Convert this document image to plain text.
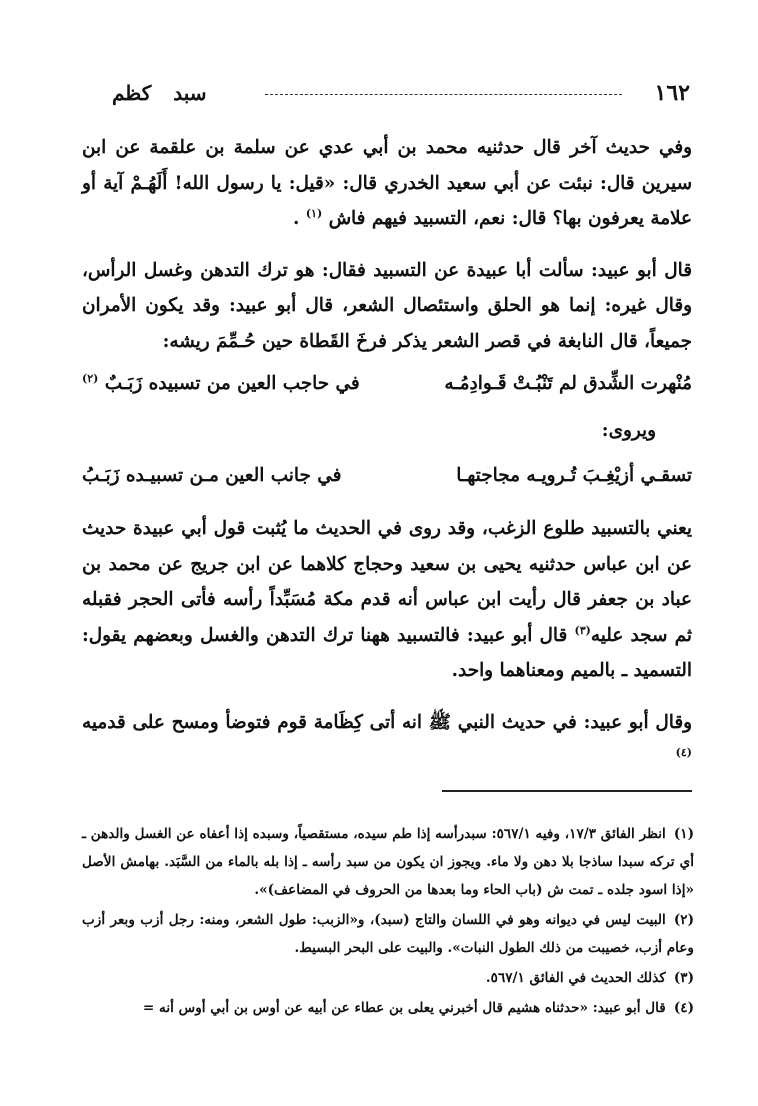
١٦٢
سبدكظم

وفي حديث آخر قال حدثنيه محمد بن أبي عدي عن سلمة بن علقمة عن ابن سيرين قال: نبئت عن أبي سعيد الخدري قال: «قيل: يا رسول الله! أَلَهُـمْ آية أو علامة يعرفون بها؟ قال: نعم، التسبيد فيهم فاش $^{(١)}$ .

قال أبو عبيد: سألت أبا عبيدة عن التسبيد فقال: هو ترك التدهن وغسل الرأس، وقال غيره: إنما هو الحلق واستئصال الشعر، قال أبو عبيد: وقد يكون الأمران جميعاً، قال النابغة في قصر الشعر يذكر فرخَ القَطاة حين حُـمِّمَ ريشه:

مُنْهرت الشِّدق لم تَنْبُـتْ قَـوادِمُـه
في حاجب العين من تسبيده زَبَـبٌ $^{(٢)}$
ويروى:
تسقـي أزيْغِـبَ تُـرويـه مجاجتهـا
في جانب العين مـن تسبيـده زَبَـبُ

يعني بالتسبيد طلوع الزغب، وقد روى في الحديث ما يُثبت قول أبي عبيدة حديث عن ابن عباس حدثنيه يحيى بن سعيد وحجاج كلاهما عن ابن جريج عن محمد بن عباد بن جعفر قال رأيت ابن عباس أنه قدم مكة مُسَبِّداً رأسه فأتى الحجر فقبله ثم سجد عليه$^{(٣)}$ قال أبو عبيد: فالتسبيد ههنا ترك التدهن والغسل وبعضهم يقول: التسميد ـ بالميم ومعناهما واحد.

وقال أبو عبيد: في حديث النبي ﷺ انه أتى كِظَامة قوم فتوضأ ومسح على قدميه $^{(٤)}$

(١)انظر الفائق ١٧/٣، وفيه ٥٦٧/١: سبدرأسه إذا طم سيده، مستقصياً، وسبده إذا أعفاه عن الغسل والدهن ـ أي تركه سبدا ساذجا بلا دهن ولا ماء. ويجوز ان يكون من سبد رأسه ـ إذا بله بالماء من السَّبَد. بهامش الأصل «إذا اسود جلده ـ تمت ش (باب الحاء وما بعدها من الحروف في المضاعف)».

(٢)البيت ليس في ديوانه وهو في اللسان والتاج (سبد)، و«الزبب: طول الشعر، ومنه: رجل أزب وبعر أزب وعام أزب، خصيبت من ذلك الطول النبات». والبيت على البحر البسيط.

(٣)كذلك الحديث في الفائق ٥٦٧/١.

(٤)قال أبو عبيد: «حدثناه هشيم قال أخبرني يعلى بن عطاء عن أبيه عن أوس بن أبي أوس أنه =
